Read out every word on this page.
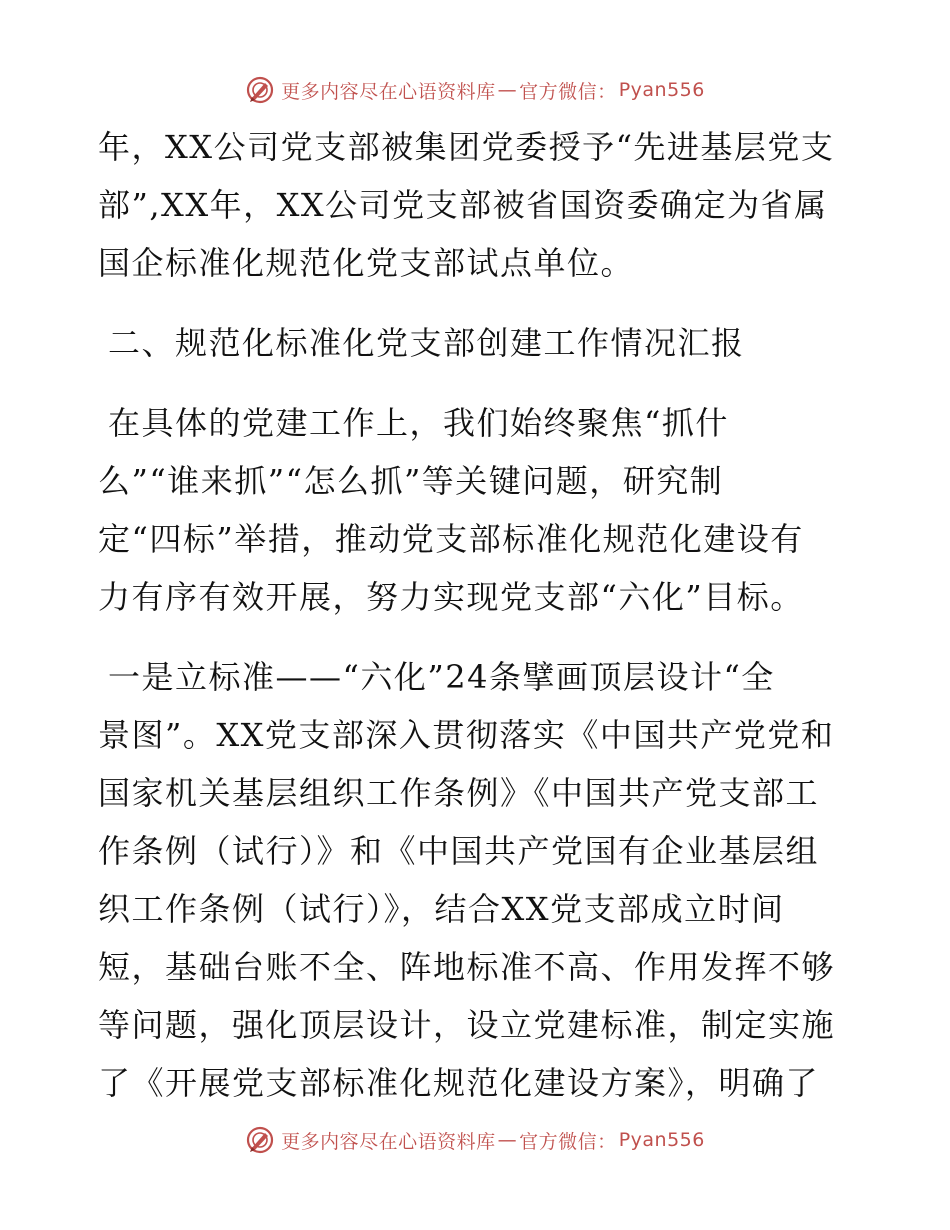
更多内容尽在心语资料库 — 官方微信： Pyan556
年，XX公司党支部被集团党委授予“先进基层党支
部”,XX年，XX公司党支部被省国资委确定为省属
国企标准化规范化党支部试点单位。
二、规范化标准化党支部创建工作情况汇报
在具体的党建工作上，我们始终聚焦“抓什
么”“谁来抓”“怎么抓”等关键问题，研究制
定“四标”举措，推动党支部标准化规范化建设有
力有序有效开展，努力实现党支部“六化”目标。
一是立标准——“六化”24条擘画顶层设计“全
景图”。XX党支部深入贯彻落实《中国共产党党和
国家机关基层组织工作条例》《中国共产党支部工
作条例（试行）》和《中国共产党国有企业基层组
织工作条例（试行）》，结合XX党支部成立时间
短，基础台账不全、阵地标准不高、作用发挥不够
等问题，强化顶层设计，设立党建标准，制定实施
了《开展党支部标准化规范化建设方案》，明确了
更多内容尽在心语资料库 — 官方微信： Pyan556
